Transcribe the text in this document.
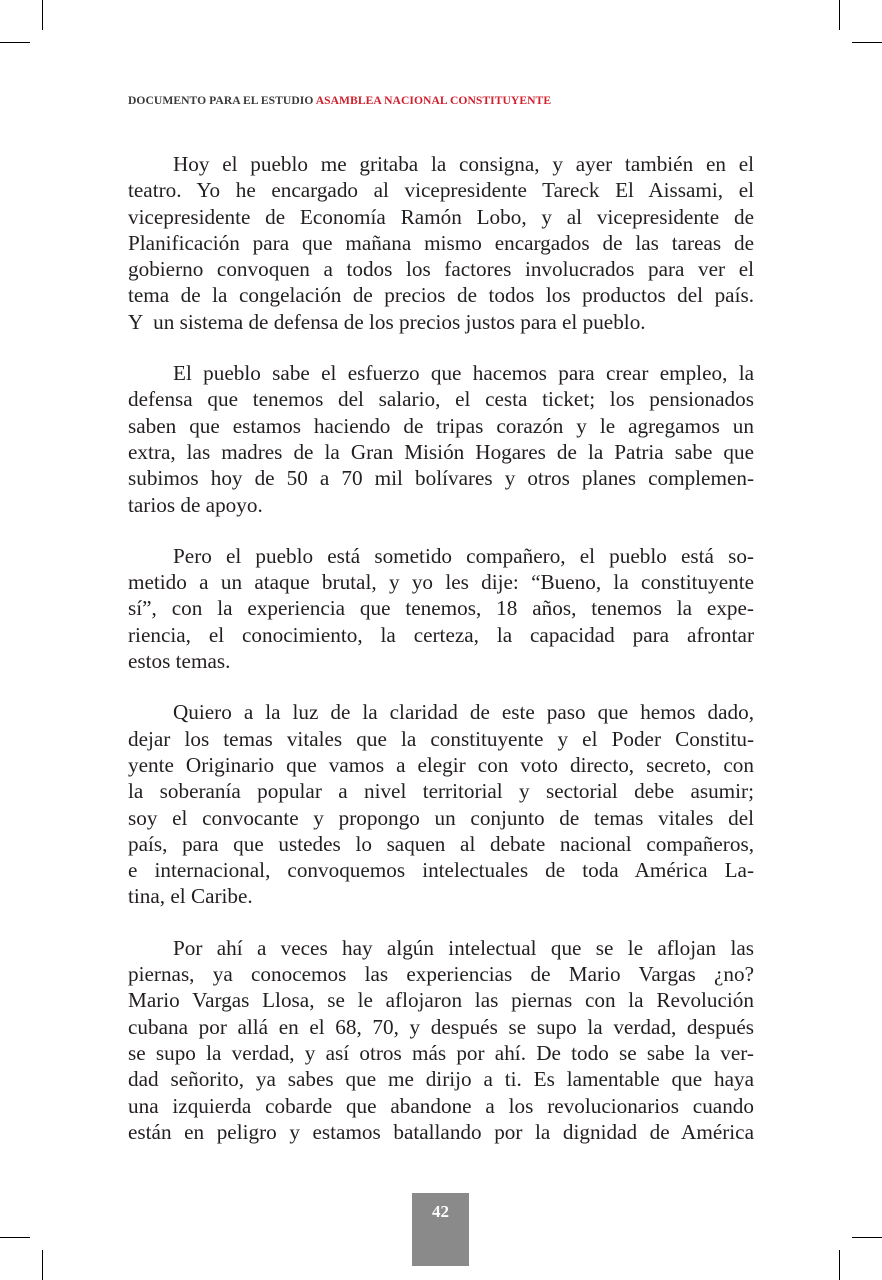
DOCUMENTO PARA EL ESTUDIO ASAMBLEA NACIONAL CONSTITUYENTE

Hoy el pueblo me gritaba la consigna, y ayer también en el
teatro. Yo he encargado al vicepresidente Tareck El Aissami, el
vicepresidente de Economía Ramón Lobo, y al vicepresidente de
Planificación para que mañana mismo encargados de las tareas de
gobierno convoquen a todos los factores involucrados para ver el
tema de la congelación de precios de todos los productos del país.
Y  un sistema de defensa de los precios justos para el pueblo.

El pueblo sabe el esfuerzo que hacemos para crear empleo, la
defensa que tenemos del salario, el cesta ticket; los pensionados
saben que estamos haciendo de tripas corazón y le agregamos un
extra, las madres de la Gran Misión Hogares de la Patria sabe que
subimos hoy de 50 a 70 mil bolívares y otros planes complemen-
tarios de apoyo.

Pero el pueblo está sometido compañero, el pueblo está so-
metido a un ataque brutal, y yo les dije: “Bueno, la constituyente
sí”, con la experiencia que tenemos, 18 años, tenemos la expe-
riencia, el conocimiento, la certeza, la capacidad para afrontar
estos temas.

Quiero a la luz de la claridad de este paso que hemos dado,
dejar los temas vitales que la constituyente y el Poder Constitu-
yente Originario que vamos a elegir con voto directo, secreto, con
la soberanía popular a nivel territorial y sectorial debe asumir;
soy el convocante y propongo un conjunto de temas vitales del
país, para que ustedes lo saquen al debate nacional compañeros,
e internacional, convoquemos intelectuales de toda América La-
tina, el Caribe.

Por ahí a veces hay algún intelectual que se le aflojan las
piernas, ya conocemos las experiencias de Mario Vargas ¿no?
Mario Vargas Llosa, se le aflojaron las piernas con la Revolución
cubana por allá en el 68, 70, y después se supo la verdad, después
se supo la verdad, y así otros más por ahí. De todo se sabe la ver-
dad señorito, ya sabes que me dirijo a ti. Es lamentable que haya
una izquierda cobarde que abandone a los revolucionarios cuando
están en peligro y estamos batallando por la dignidad de América

42
